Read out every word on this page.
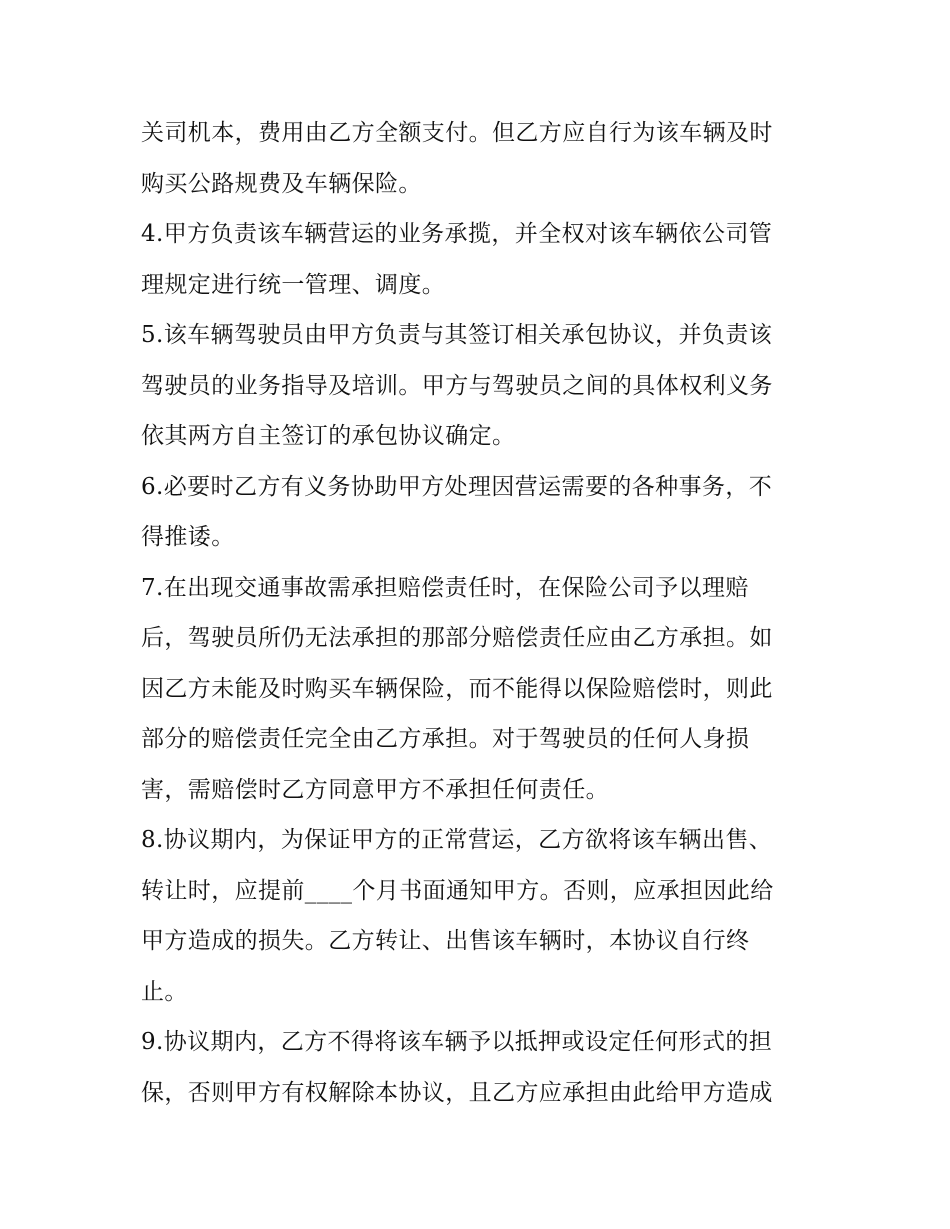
关司机本，费用由乙方全额支付。但乙方应自行为该车辆及时
购买公路规费及车辆保险。
4.甲方负责该车辆营运的业务承揽，并全权对该车辆依公司管
理规定进行统一管理、调度。
5.该车辆驾驶员由甲方负责与其签订相关承包协议，并负责该
驾驶员的业务指导及培训。甲方与驾驶员之间的具体权利义务
依其两方自主签订的承包协议确定。
6.必要时乙方有义务协助甲方处理因营运需要的各种事务，不
得推诿。
7.在出现交通事故需承担赔偿责任时，在保险公司予以理赔
后，驾驶员所仍无法承担的那部分赔偿责任应由乙方承担。如
因乙方未能及时购买车辆保险，而不能得以保险赔偿时，则此
部分的赔偿责任完全由乙方承担。对于驾驶员的任何人身损
害，需赔偿时乙方同意甲方不承担任何责任。
8.协议期内，为保证甲方的正常营运，乙方欲将该车辆出售、
转让时，应提前____个月书面通知甲方。否则，应承担因此给
甲方造成的损失。乙方转让、出售该车辆时，本协议自行终
止。
9.协议期内，乙方不得将该车辆予以抵押或设定任何形式的担
保，否则甲方有权解除本协议，且乙方应承担由此给甲方造成
